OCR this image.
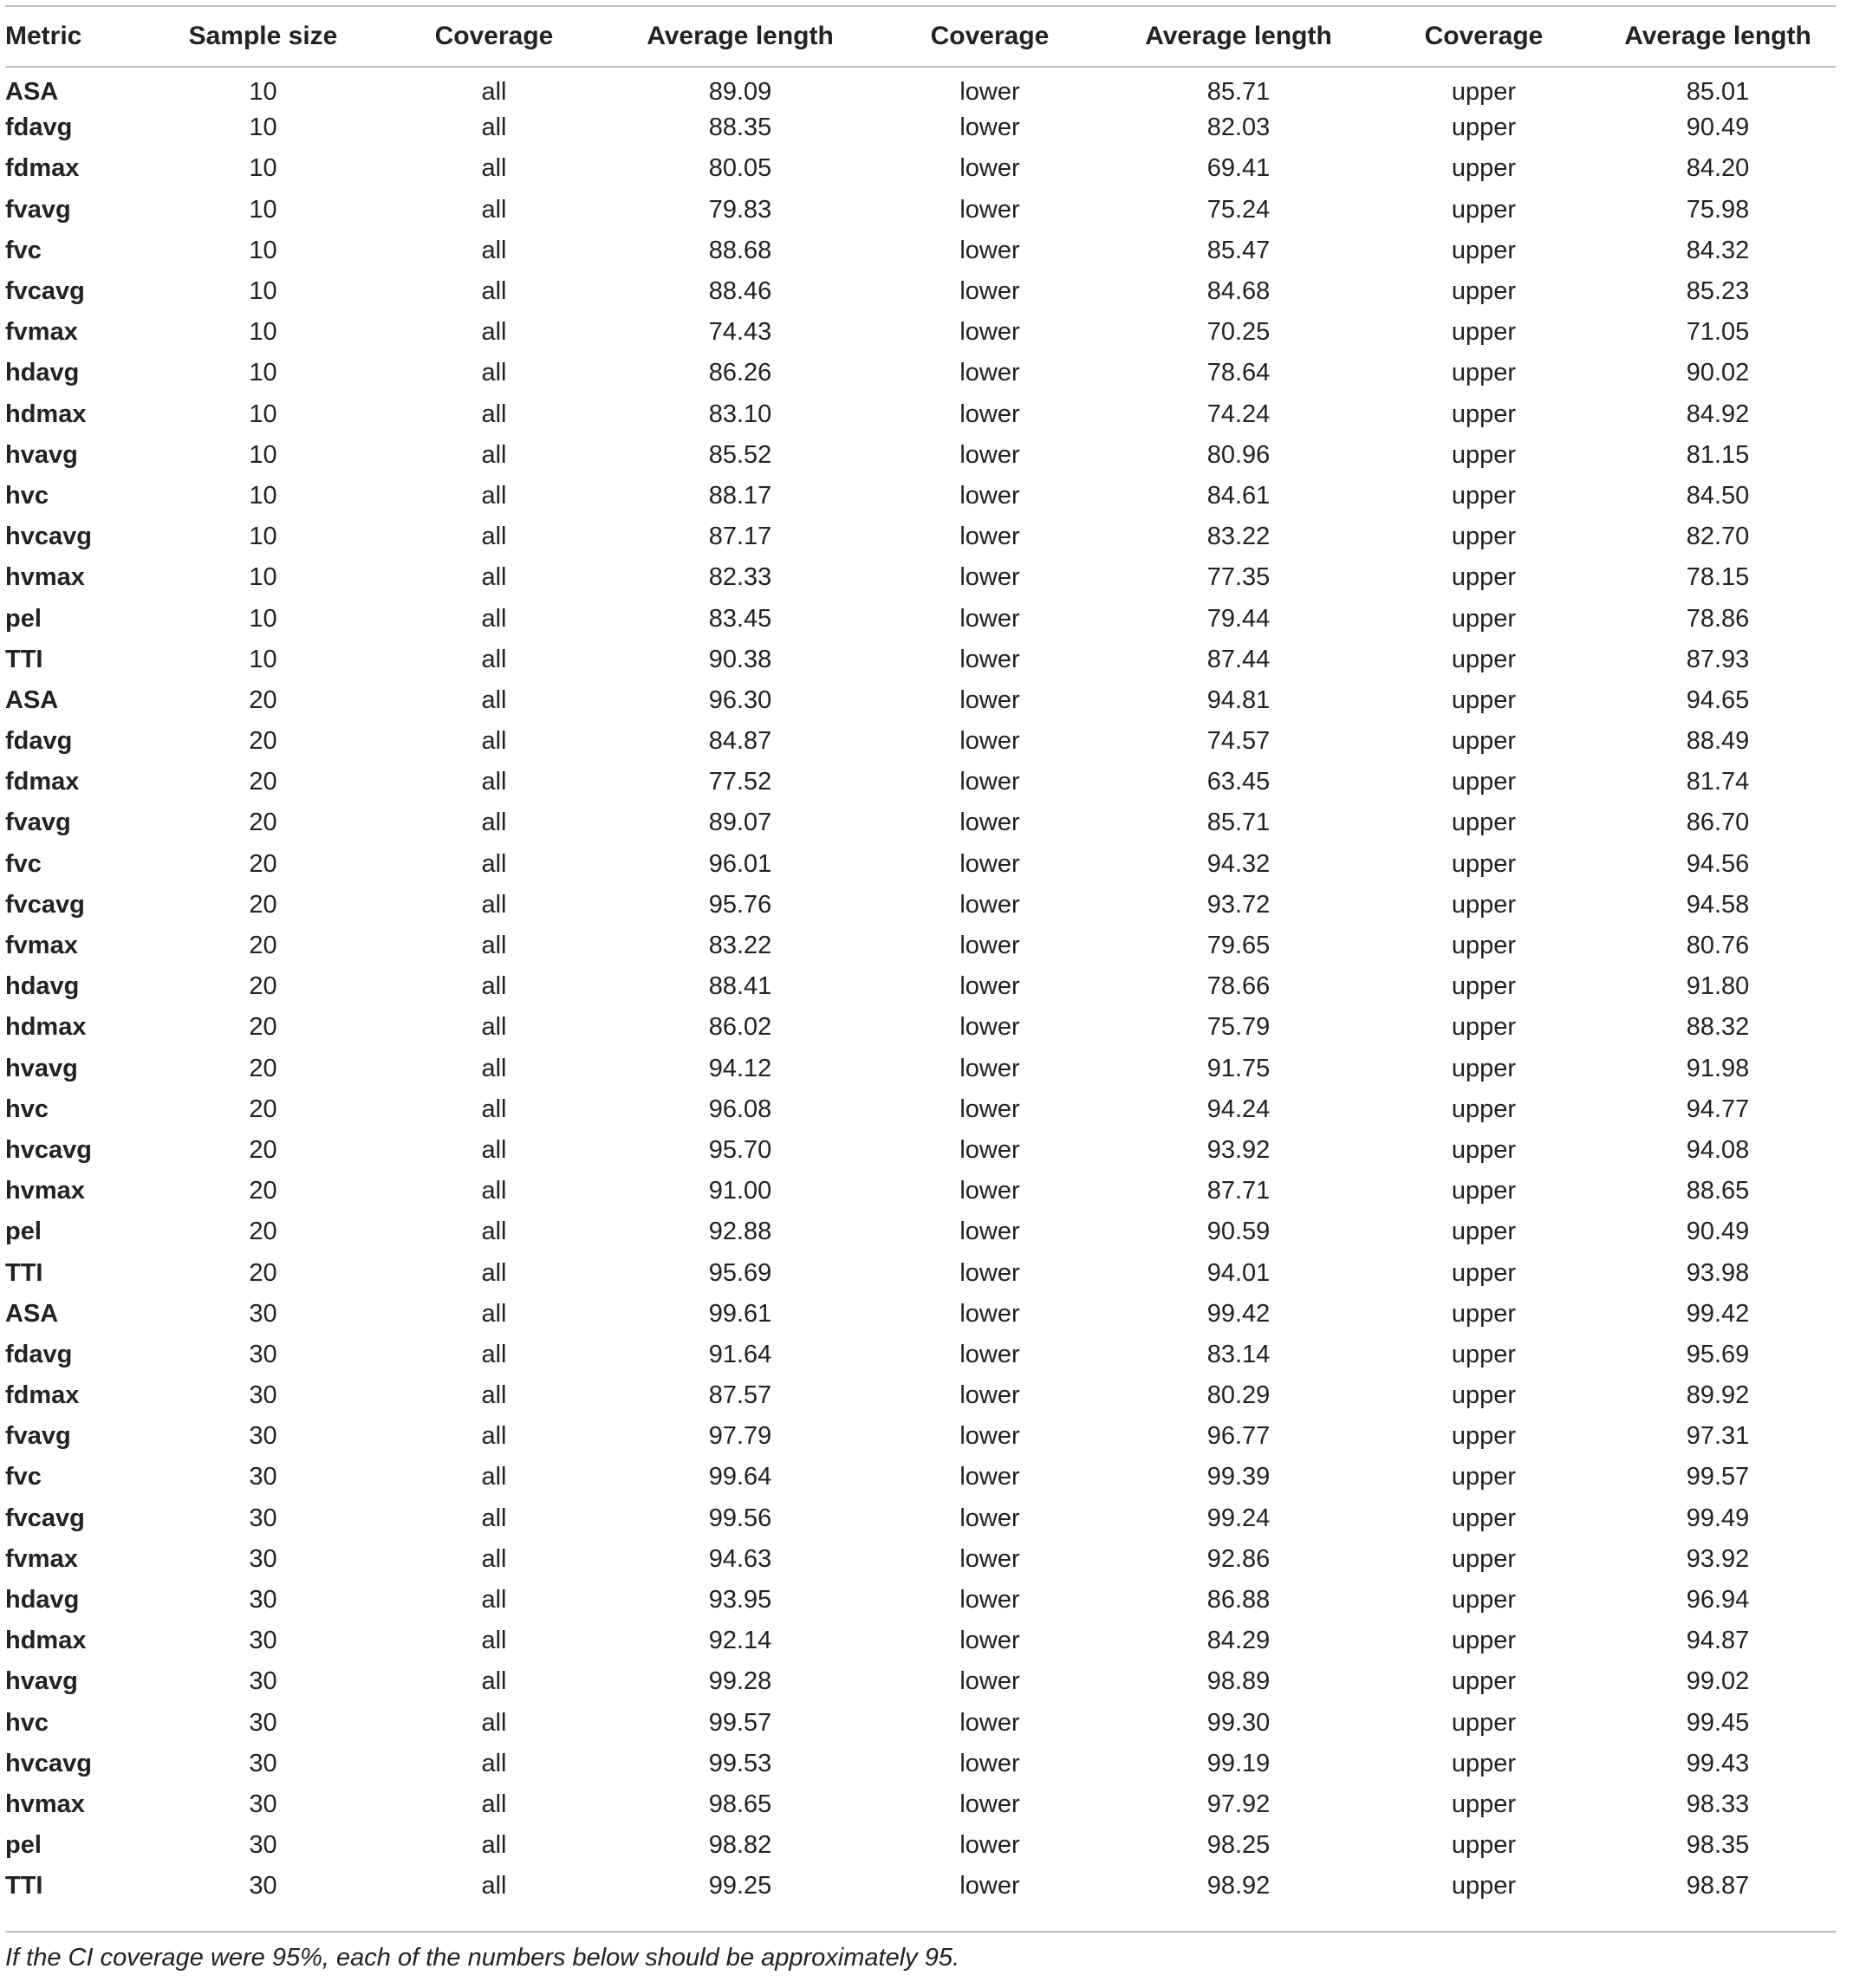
Metric	Sample size	Coverage	Average length	Coverage	Average length	Coverage	Average length
ASA	10	all	89.09	lower	85.71	upper	85.01
fdavg	10	all	88.35	lower	82.03	upper	90.49
fdmax	10	all	80.05	lower	69.41	upper	84.20
fvavg	10	all	79.83	lower	75.24	upper	75.98
fvc	10	all	88.68	lower	85.47	upper	84.32
fvcavg	10	all	88.46	lower	84.68	upper	85.23
fvmax	10	all	74.43	lower	70.25	upper	71.05
hdavg	10	all	86.26	lower	78.64	upper	90.02
hdmax	10	all	83.10	lower	74.24	upper	84.92
hvavg	10	all	85.52	lower	80.96	upper	81.15
hvc	10	all	88.17	lower	84.61	upper	84.50
hvcavg	10	all	87.17	lower	83.22	upper	82.70
hvmax	10	all	82.33	lower	77.35	upper	78.15
pel	10	all	83.45	lower	79.44	upper	78.86
TTI	10	all	90.38	lower	87.44	upper	87.93
ASA	20	all	96.30	lower	94.81	upper	94.65
fdavg	20	all	84.87	lower	74.57	upper	88.49
fdmax	20	all	77.52	lower	63.45	upper	81.74
fvavg	20	all	89.07	lower	85.71	upper	86.70
fvc	20	all	96.01	lower	94.32	upper	94.56
fvcavg	20	all	95.76	lower	93.72	upper	94.58
fvmax	20	all	83.22	lower	79.65	upper	80.76
hdavg	20	all	88.41	lower	78.66	upper	91.80
hdmax	20	all	86.02	lower	75.79	upper	88.32
hvavg	20	all	94.12	lower	91.75	upper	91.98
hvc	20	all	96.08	lower	94.24	upper	94.77
hvcavg	20	all	95.70	lower	93.92	upper	94.08
hvmax	20	all	91.00	lower	87.71	upper	88.65
pel	20	all	92.88	lower	90.59	upper	90.49
TTI	20	all	95.69	lower	94.01	upper	93.98
ASA	30	all	99.61	lower	99.42	upper	99.42
fdavg	30	all	91.64	lower	83.14	upper	95.69
fdmax	30	all	87.57	lower	80.29	upper	89.92
fvavg	30	all	97.79	lower	96.77	upper	97.31
fvc	30	all	99.64	lower	99.39	upper	99.57
fvcavg	30	all	99.56	lower	99.24	upper	99.49
fvmax	30	all	94.63	lower	92.86	upper	93.92
hdavg	30	all	93.95	lower	86.88	upper	96.94
hdmax	30	all	92.14	lower	84.29	upper	94.87
hvavg	30	all	99.28	lower	98.89	upper	99.02
hvc	30	all	99.57	lower	99.30	upper	99.45
hvcavg	30	all	99.53	lower	99.19	upper	99.43
hvmax	30	all	98.65	lower	97.92	upper	98.33
pel	30	all	98.82	lower	98.25	upper	98.35
TTI	30	all	99.25	lower	98.92	upper	98.87
If the CI coverage were 95%, each of the numbers below should be approximately 95.
